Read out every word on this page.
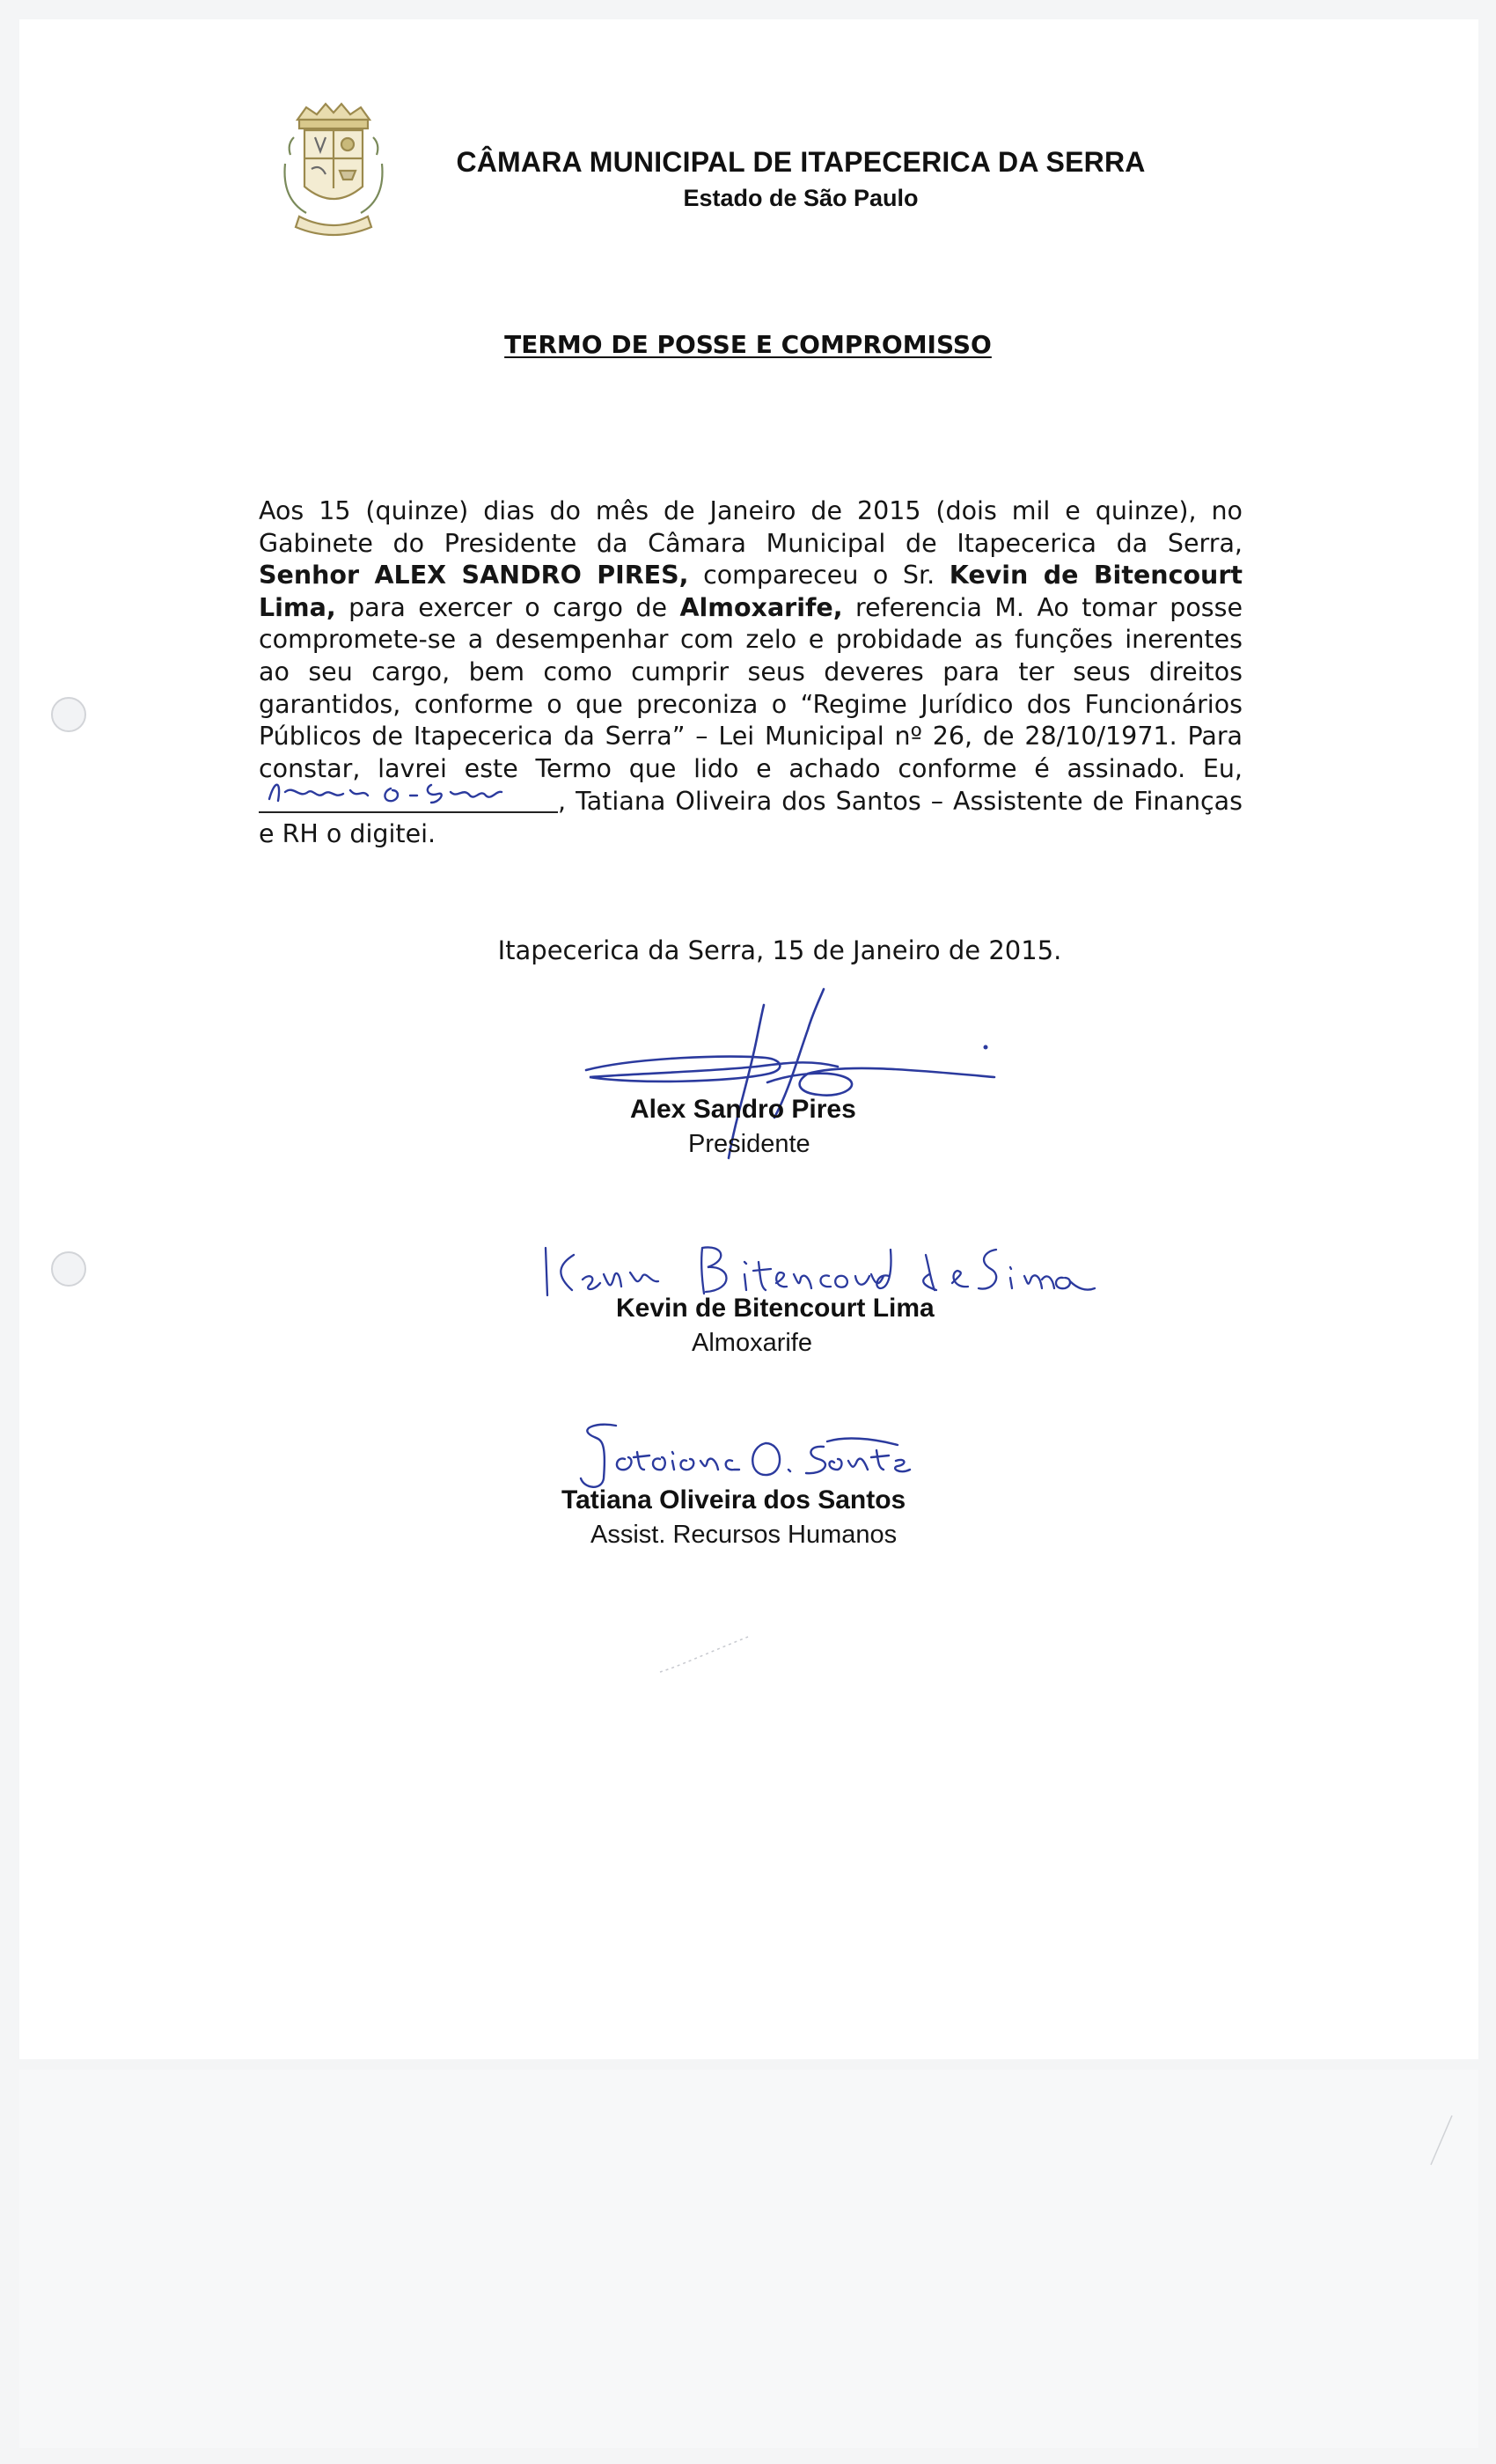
CÂMARA MUNICIPAL DE ITAPECERICA DA SERRA
Estado de São Paulo
TERMO DE POSSE E COMPROMISSO
Aos 15 (quinze) dias do mês de Janeiro de 2015 (dois mil e quinze), no Gabinete do Presidente da Câmara Municipal de Itapecerica da Serra, Senhor ALEX SANDRO PIRES, compareceu o Sr. Kevin de Bitencourt Lima, para exercer o cargo de Almoxarife, referencia M. Ao tomar posse compromete-se a desempenhar com zelo e probidade as funções inerentes ao seu cargo, bem como cumprir seus deveres para ter seus direitos garantidos, conforme o que preconiza o “Regime Jurídico dos Funcionários Públicos de Itapecerica da Serra” – Lei Municipal nº 26, de 28/10/1971. Para constar, lavrei este Termo que lido e achado conforme é assinado. Eu,
, Tatiana Oliveira dos Santos – Assistente de Finanças e RH o digitei.
Itapecerica da Serra, 15 de Janeiro de 2015.
Alex Sandro Pires
Presidente
Kevin de Bitencourt Lima
Almoxarife
Tatiana Oliveira dos Santos
Assist. Recursos Humanos
